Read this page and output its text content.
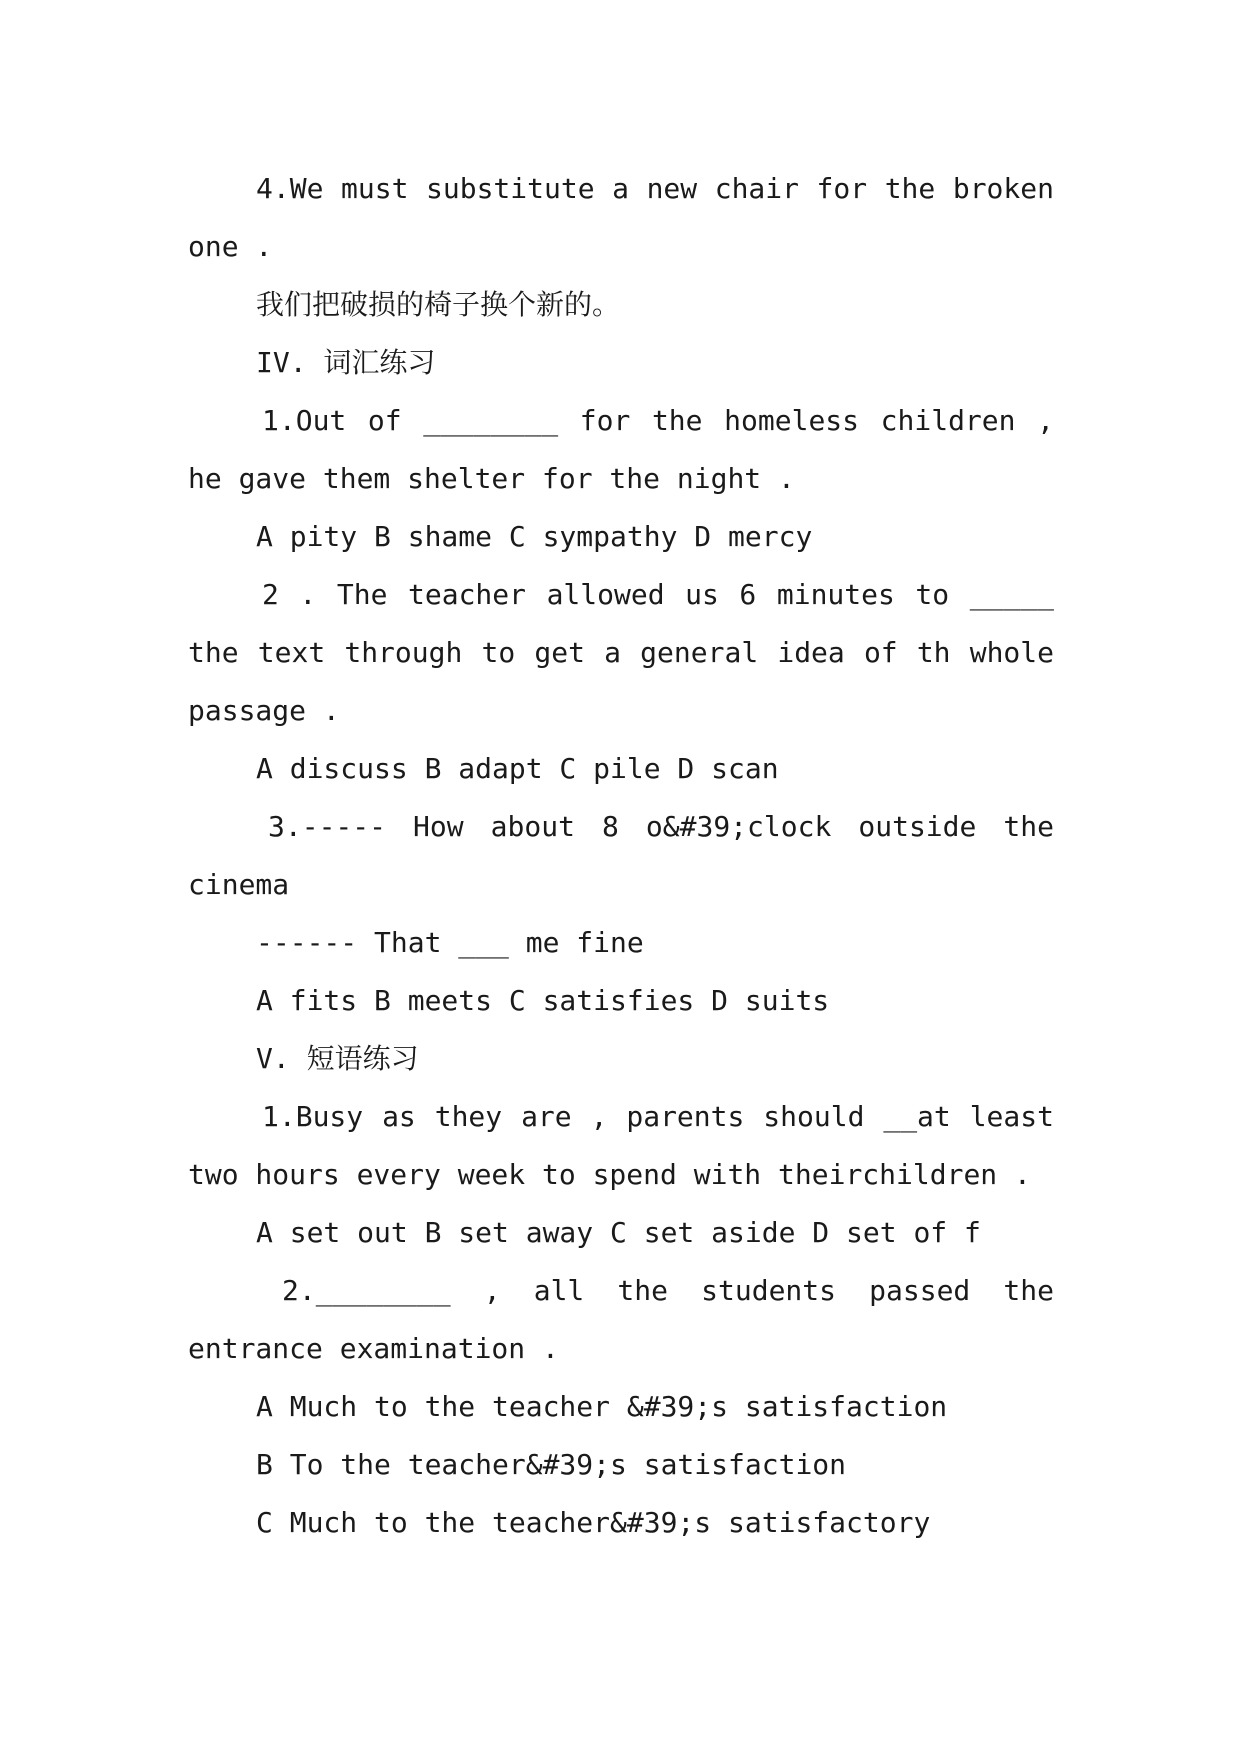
4.We must substitute a new chair for the broken
one .
我们把破损的椅子换个新的。
IV. 词汇练习
1.Out of ________ for the homeless children ,
he gave them shelter for the night .
A pity B shame C sympathy D mercy
2 . The teacher allowed us 6 minutes to _____
the text through to get a general idea of th whole
passage .
A discuss B adapt C pile D scan
3.----- How about 8 o&#39;clock outside the
cinema
------ That ___ me fine
A fits B meets C satisfies D suits
V. 短语练习
1.Busy as they are , parents should __at least
two hours every week to spend with theirchildren .
A set out B set away C set aside D set of f
2.________ , all the students passed the
entrance examination .
A Much to the teacher &#39;s satisfaction
B To the teacher&#39;s satisfaction
C Much to the teacher&#39;s satisfactory
